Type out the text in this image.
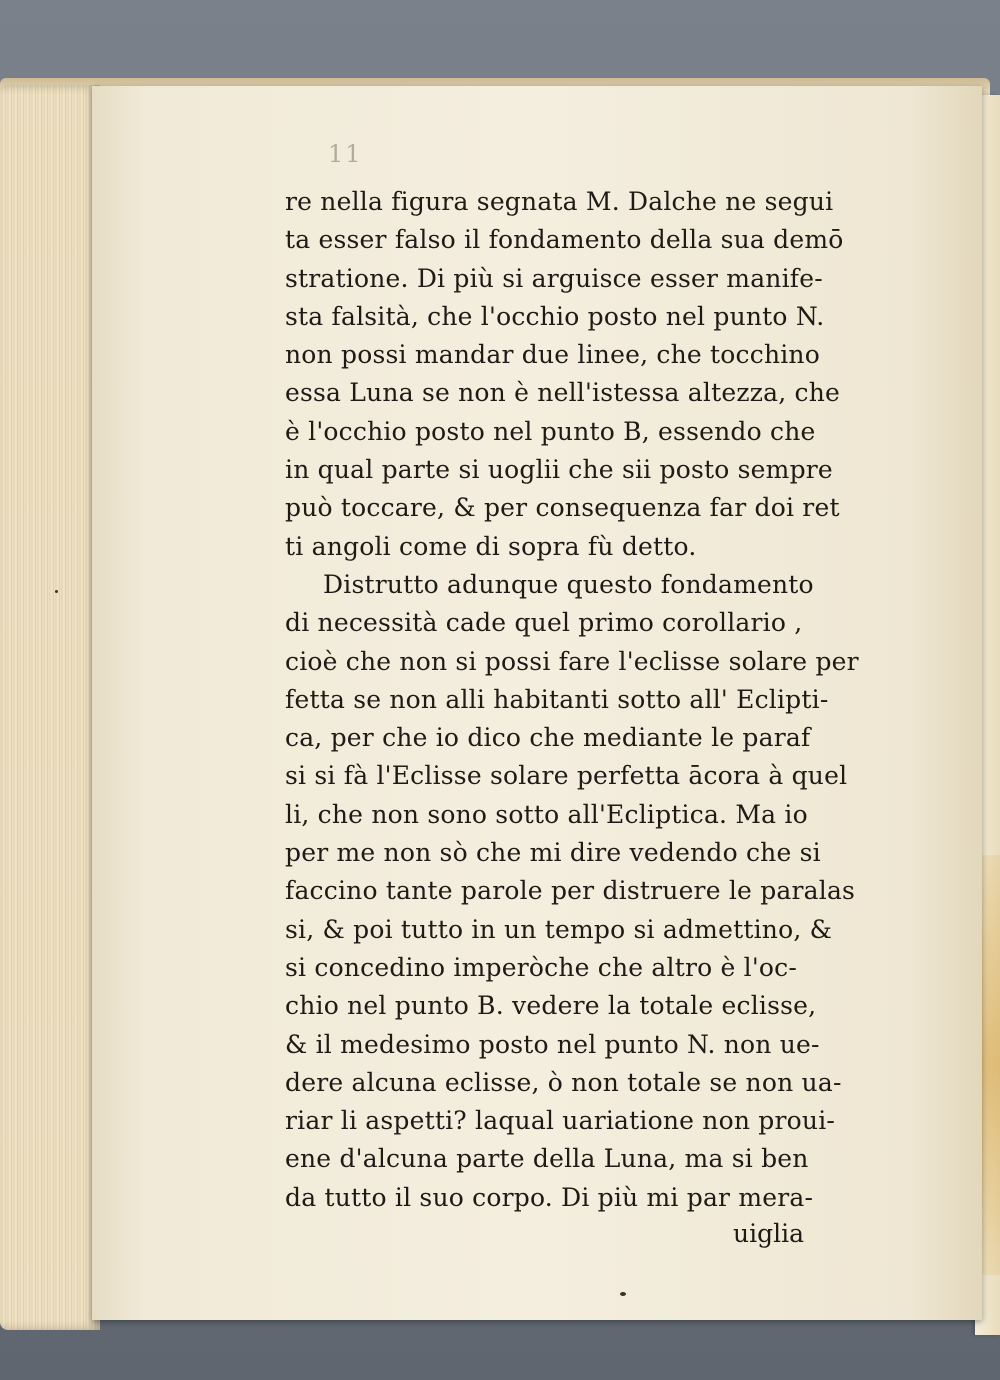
11
re nella figura segnata M. Dalche ne segui
ta esser falso il fondamento della sua demō
stratione. Di più si arguisce esser manife-
sta falsità, che l'occhio posto nel punto N.
non possi mandar due linee, che tocchino
essa Luna se non è nell'istessa altezza, che
è l'occhio posto nel punto B, essendo che
in qual parte si uoglii che sii posto sempre
può toccare, & per consequenza far doi ret
ti angoli come di sopra fù detto.
Distrutto adunque questo fondamento
di necessità cade quel primo corollario ,
cioè che non si possi fare l'eclisse solare per
fetta se non alli habitanti sotto all' Eclipti-
ca, per che io dico che mediante le paraf
si si fà l'Eclisse solare perfetta ācora à quel
li, che non sono sotto all'Ecliptica. Ma io
per me non sò che mi dire vedendo che si
faccino tante parole per distruere le paralas
si, & poi tutto in un tempo si admettino, &
si concedino imperòche che altro è l'oc-
chio nel punto B. vedere la totale eclisse,
& il medesimo posto nel punto N. non ue-
dere alcuna eclisse, ò non totale se non ua-
riar li aspetti? laqual uariatione non proui-
ene d'alcuna parte della Luna, ma si ben
da tutto il suo corpo. Di più mi par mera-
uiglia
